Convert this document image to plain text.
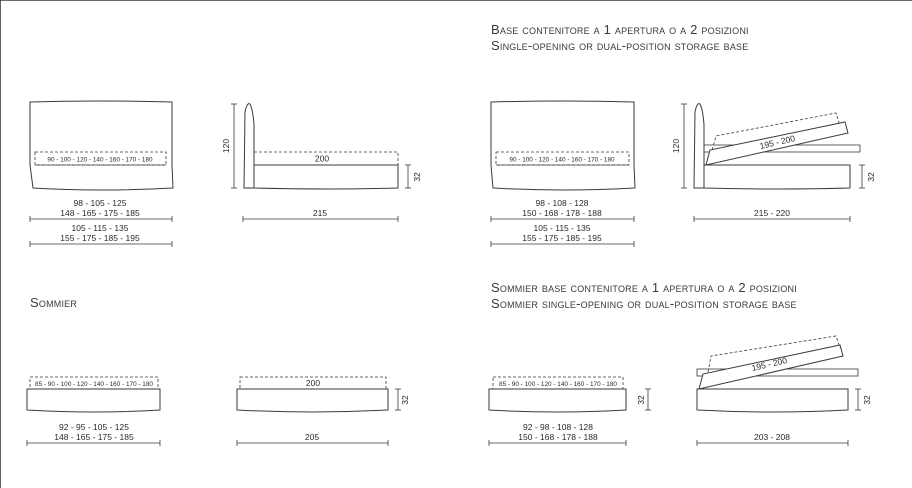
Base contenitore a 1 apertura o a 2 posizioni
Single-opening or dual-position storage base
Sommier
Sommier base contenitore a 1 apertura o a 2 posizioni
Sommier single-opening or dual-position storage base
90 - 100 - 120 - 140 - 160 - 170 - 180
98 - 105 - 125
148 - 165 - 175 - 185
105 - 115 - 135
155 - 175 - 185 - 195
200
120
32
215
90 - 100 - 120 - 140 - 160 - 170 - 180
98 - 108 - 128
150 - 168 - 178 - 188
105 - 115 - 135
155 - 175 - 185 - 195
195 - 200
120
32
215 - 220
85 - 90 - 100 - 120 - 140 - 160 - 170 - 180
92 - 95 - 105 - 125
148 - 165 - 175 - 185
200
32
205
85 - 90 - 100 - 120 - 140 - 160 - 170 - 180
32
92 - 98 - 108 - 128
150 - 168 - 178 - 188
195 - 200
32
203 - 208
